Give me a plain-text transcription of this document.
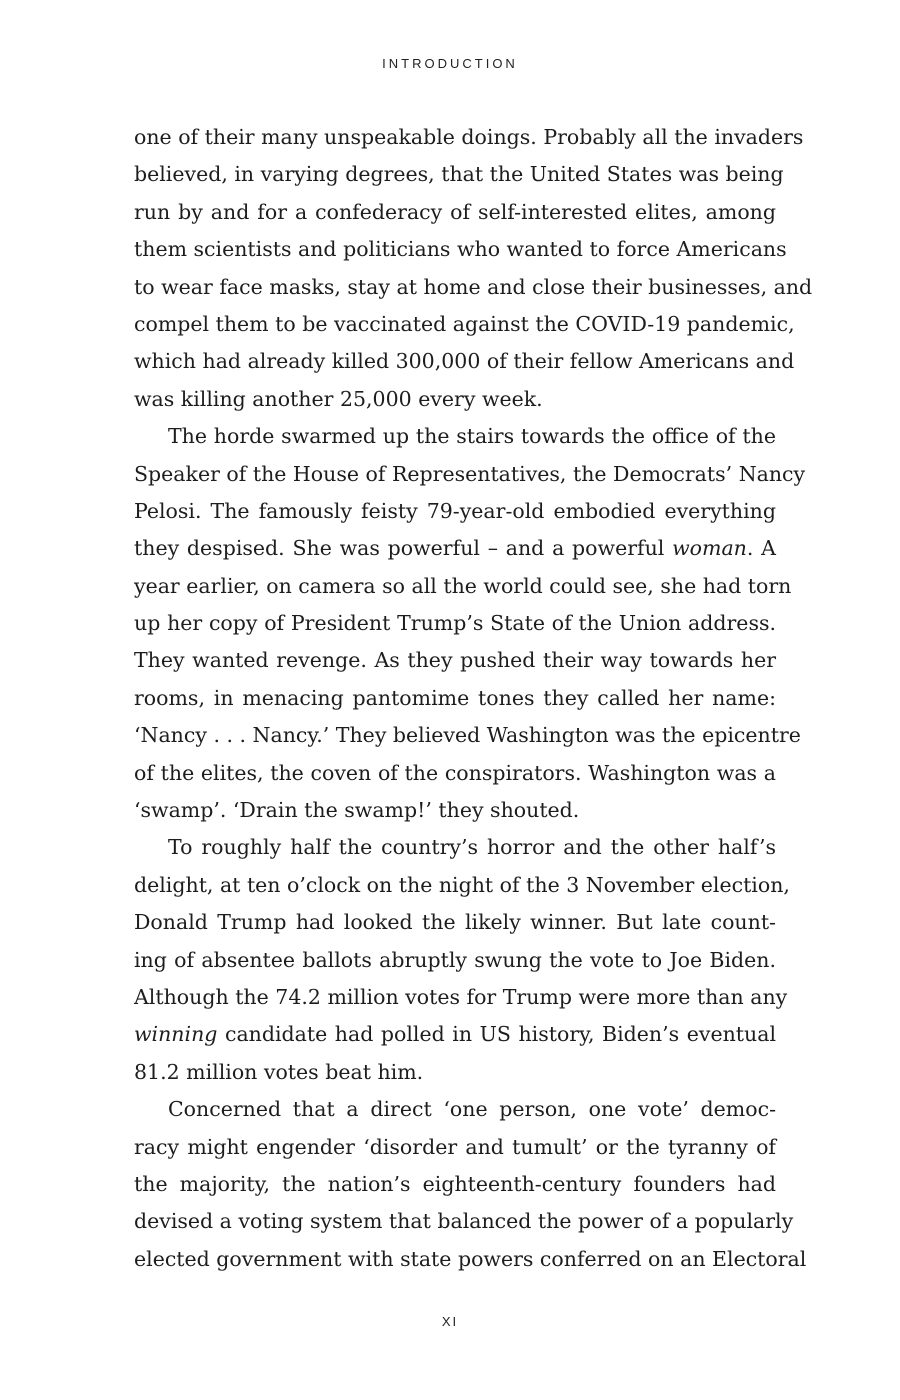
INTRODUCTION
one of their many unspeakable doings. Probably all the invaders
believed, in varying degrees, that the United States was being
run by and for a confederacy of self-interested elites, among
them scientists and politicians who wanted to force Americans
to wear face masks, stay at home and close their businesses, and
compel them to be vaccinated against the COVID-19 pandemic,
which had already killed 300,000 of their fellow Americans and
was killing another 25,000 every week.
The horde swarmed up the stairs towards the office of the
Speaker of the House of Representatives, the Democrats’ Nancy
Pelosi. The famously feisty 79-year-old embodied everything
they despised. She was powerful – and a powerful woman. A
year earlier, on camera so all the world could see, she had torn
up her copy of President Trump’s State of the Union address.
They wanted revenge. As they pushed their way towards her
rooms, in menacing pantomime tones they called her name:
‘Nancy . . . Nancy.’ They believed Washington was the epicentre
of the elites, the coven of the conspirators. Washington was a
‘swamp’. ‘Drain the swamp!’ they shouted.
To roughly half the country’s horror and the other half’s
delight, at ten o’clock on the night of the 3 November election,
Donald Trump had looked the likely winner. But late count-
ing of absentee ballots abruptly swung the vote to Joe Biden.
Although the 74.2 million votes for Trump were more than any
winning candidate had polled in US history, Biden’s eventual
81.2 million votes beat him.
Concerned that a direct ‘one person, one vote’ democ-
racy might engender ‘disorder and tumult’ or the tyranny of
the majority, the nation’s eighteenth-century founders had
devised a voting system that balanced the power of a popularly
elected government with state powers conferred on an Electoral
XI
